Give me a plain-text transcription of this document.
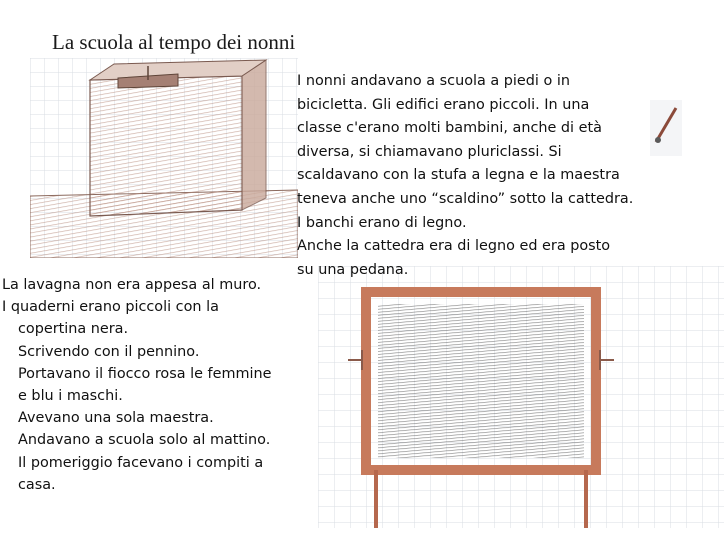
La scuola al tempo dei nonni
I nonni andavano a scuola a piedi o in
bicicletta. Gli edifici erano piccoli. In una
classe c'erano molti bambini, anche di età
diversa, si chiamavano pluriclassi. Si
scaldavano con la stufa a legna e la maestra
teneva anche uno “scaldino” sotto la cattedra.
I banchi erano di legno.
Anche la cattedra era di legno ed era posto
su una pedana.
La lavagna non era appesa al muro.
I quaderni erano piccoli con la
copertina nera.
Scrivendo con il pennino.
Portavano il fiocco rosa le femmine
e blu i maschi.
Avevano una sola maestra.
Andavano a scuola solo al mattino.
Il pomeriggio facevano i compiti a
casa.
